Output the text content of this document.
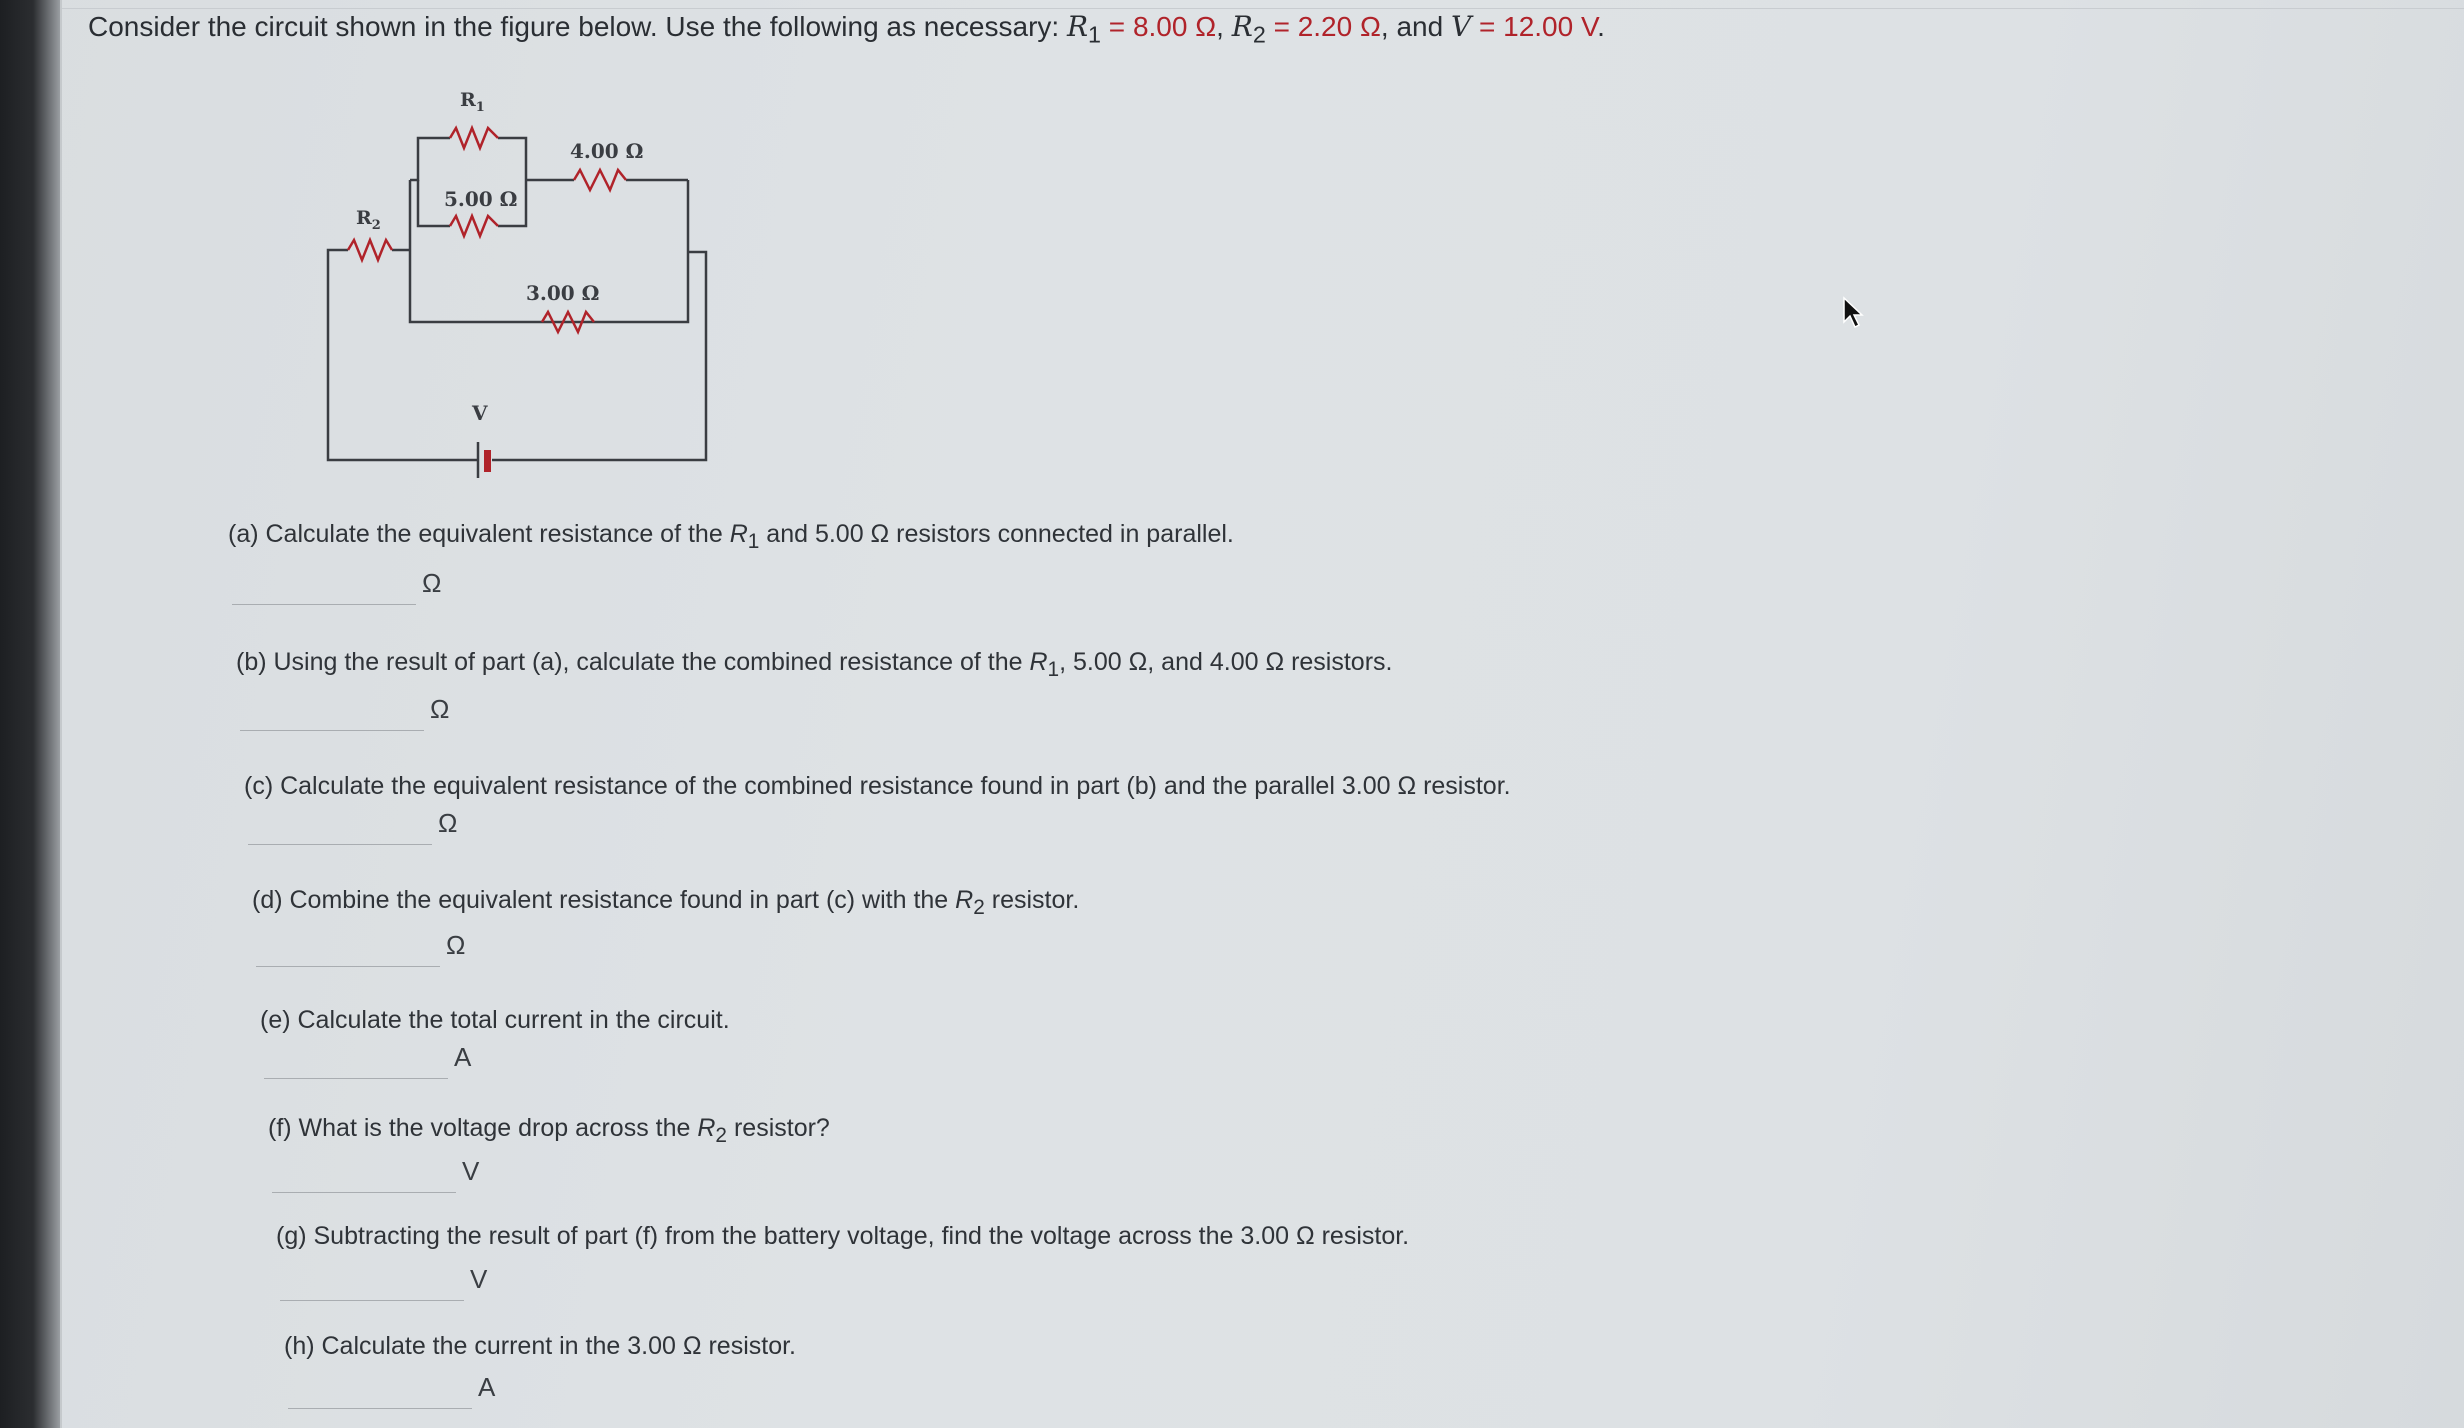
Consider the circuit shown in the figure below. Use the following as necessary: $R_1 = 8.00$ Ω, $R_2 = 2.20$ Ω, and V = 12.00 V.
$R_1$
$R_2$
5.00 Ω
4.00 Ω
3.00 Ω
V
(a) Calculate the equivalent resistance of the $R_1$ and 5.00 Ω resistors connected in parallel.
Ω
(b) Using the result of part (a), calculate the combined resistance of the $R_1$, 5.00 Ω, and 4.00 Ω resistors.
Ω
(c) Calculate the equivalent resistance of the combined resistance found in part (b) and the parallel 3.00 Ω resistor.
Ω
(d) Combine the equivalent resistance found in part (c) with the $R_2$ resistor.
Ω
(e) Calculate the total current in the circuit.
A
(f) What is the voltage drop across the $R_2$ resistor?
V
(g) Subtracting the result of part (f) from the battery voltage, find the voltage across the 3.00 Ω resistor.
V
(h) Calculate the current in the 3.00 Ω resistor.
A
